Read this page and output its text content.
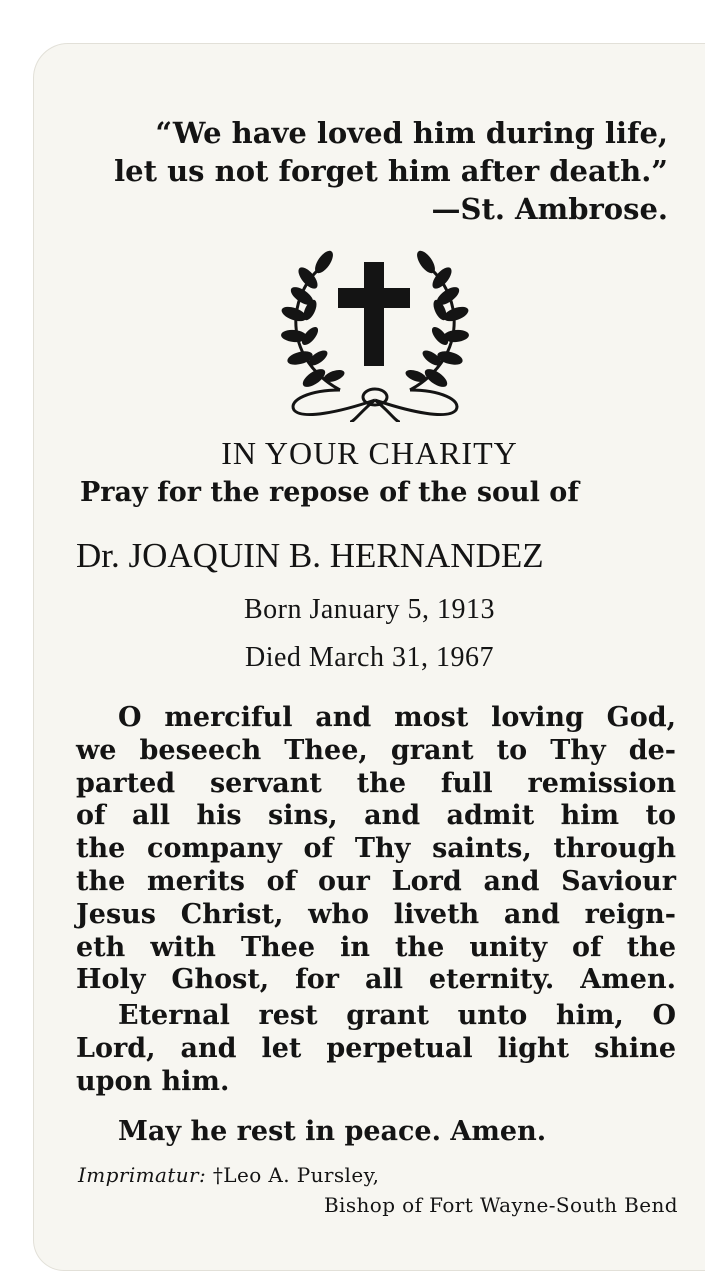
“We have loved him during life,
let us not forget him after death.”
—St. Ambrose.
IN YOUR CHARITY
Pray for the repose of the soul of
Dr. JOAQUIN B. HERNANDEZ
Born January 5, 1913
Died March 31, 1967
O merciful and most loving God,
we beseech Thee, grant to Thy de-
parted servant the full remission
of all his sins, and admit him to
the company of Thy saints, through
the merits of our Lord and Saviour
Jesus Christ, who liveth and reign-
eth with Thee in the unity of the
Holy Ghost, for all eternity. Amen.
Eternal rest grant unto him, O
Lord, and let perpetual light shine
upon him.
May he rest in peace. Amen.
Imprimatur: †Leo A. Pursley,
Bishop of Fort Wayne-South Bend
